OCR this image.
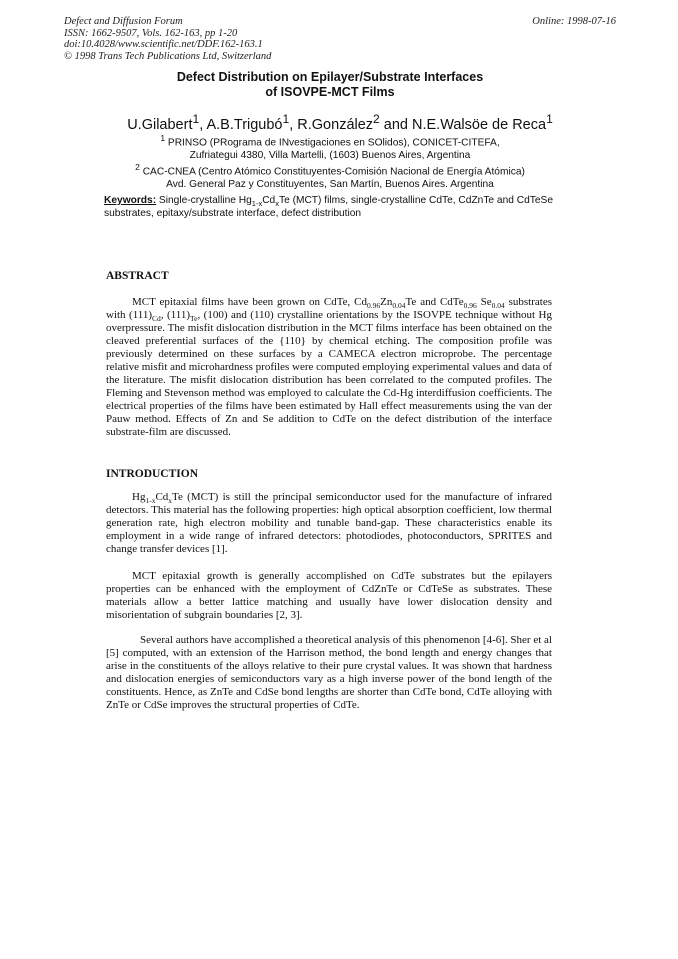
Defect and Diffusion Forum
ISSN: 1662-9507, Vols. 162-163, pp 1-20
doi:10.4028/www.scientific.net/DDF.162-163.1
© 1998 Trans Tech Publications Ltd, Switzerland
Online: 1998-07-16
Defect Distribution on Epilayer/Substrate Interfaces
of ISOVPE-MCT Films
U.Gilabert$^1$, A.B.Trigubó$^1$, R.González$^2$ and N.E.Walsöe de Reca$^1$
$^1$ PRINSO (PRograma de INvestigaciones en SOlidos), CONICET-CITEFA,
Zufriategui 4380, Villa Martelli, (1603) Buenos Aires, Argentina
$^2$ CAC-CNEA (Centro Atómico Constituyentes-Comisión Nacional de Energía Atómica)
Avd. General Paz y Constituyentes, San Martín, Buenos Aires. Argentina
Keywords: Single-crystalline $Hg_{1-x}Cd_xTe$ (MCT) films, single-crystalline CdTe, CdZnTe and CdTeSe substrates, epitaxy/substrate interface, defect distribution
ABSTRACT
MCT epitaxial films have been grown on CdTe, $Cd_{0.96}Zn_{0.04}Te$ and CdTe$_{0.96}$ $Se_{0.04}$ substrates with $(111)_{Cd}$, $(111)_{Te}$, (100) and (110) crystalline orientations by the ISOVPE technique without Hg overpressure. The misfit dislocation distribution in the MCT films interface has been obtained on the cleaved preferential surfaces of the {110} by chemical etching. The composition profile was previously determined on these surfaces by a CAMECA electron microprobe. The percentage relative misfit and microhardness profiles were computed employing experimental values and data of the literature. The misfit dislocation distribution has been correlated to the computed profiles. The Fleming and Stevenson method was employed to calculate the Cd-Hg interdiffusion coefficients. The electrical properties of the films have been estimated by Hall effect measurements using the van der Pauw method. Effects of Zn and Se addition to CdTe on the defect distribution of the interface substrate-film are discussed.
INTRODUCTION
$Hg_{1-x}Cd_xTe$ (MCT) is still the principal semiconductor used for the manufacture of infrared detectors. This material has the following properties: high optical absorption coefficient, low thermal generation rate, high electron mobility and tunable band-gap. These characteristics enable its employment in a wide range of infrared detectors: photodiodes, photoconductors, SPRITES and change transfer devices [1].
MCT epitaxial growth is generally accomplished on CdTe substrates but the epilayers properties can be enhanced with the employment of CdZnTe or CdTeSe as substrates. These materials allow a better lattice matching and usually have lower dislocation density and misorientation of subgrain boundaries [2, 3].
Several authors have accomplished a theoretical analysis of this phenomenon [4-6]. Sher et al [5] computed, with an extension of the Harrison method, the bond length and energy changes that arise in the constituents of the alloys relative to their pure crystal values. It was shown that hardness and dislocation energies of semiconductors vary as a high inverse power of the bond length of the constituents. Hence, as ZnTe and CdSe bond lengths are shorter than CdTe bond, CdTe alloying with ZnTe or CdSe improves the structural properties of CdTe.
